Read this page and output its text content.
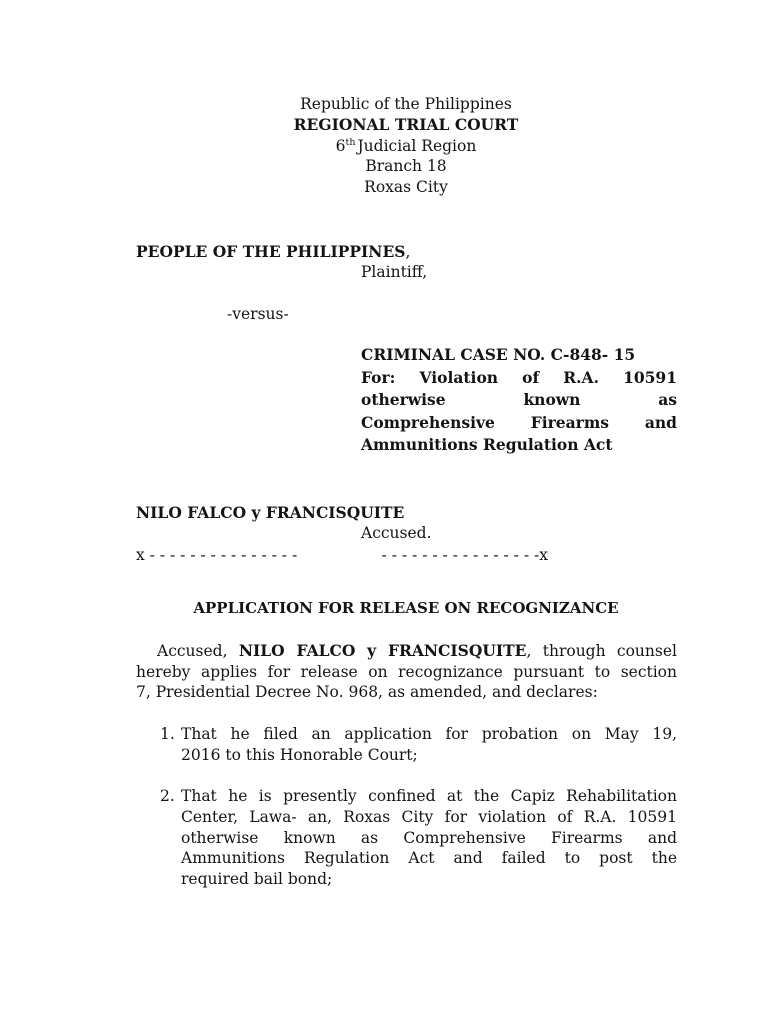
Republic of the Philippines
REGIONAL TRIAL COURT
6th Judicial Region
Branch 18
Roxas City
PEOPLE OF THE PHILIPPINES,
Plaintiff,
-versus-
CRIMINAL CASE NO. C-848- 15
For: Violation of R.A. 10591
otherwise known as
Comprehensive Firearms and
Ammunitions Regulation Act
NILO FALCO y FRANCISQUITE
Accused.
x - - - - - - - - - - - - - - -	- - - - - - - - - - - - - - - -x
APPLICATION FOR RELEASE ON RECOGNIZANCE
Accused, NILO FALCO y FRANCISQUITE, through counsel
hereby applies for release on recognizance pursuant to section
7, Presidential Decree No. 968, as amended, and declares:
1. That he filed an application for probation on May 19,
2016 to this Honorable Court;
2. That he is presently confined at the Capiz Rehabilitation
Center, Lawa- an, Roxas City for violation of R.A. 10591
otherwise known as Comprehensive Firearms and
Ammunitions Regulation Act and failed to post the
required bail bond;
